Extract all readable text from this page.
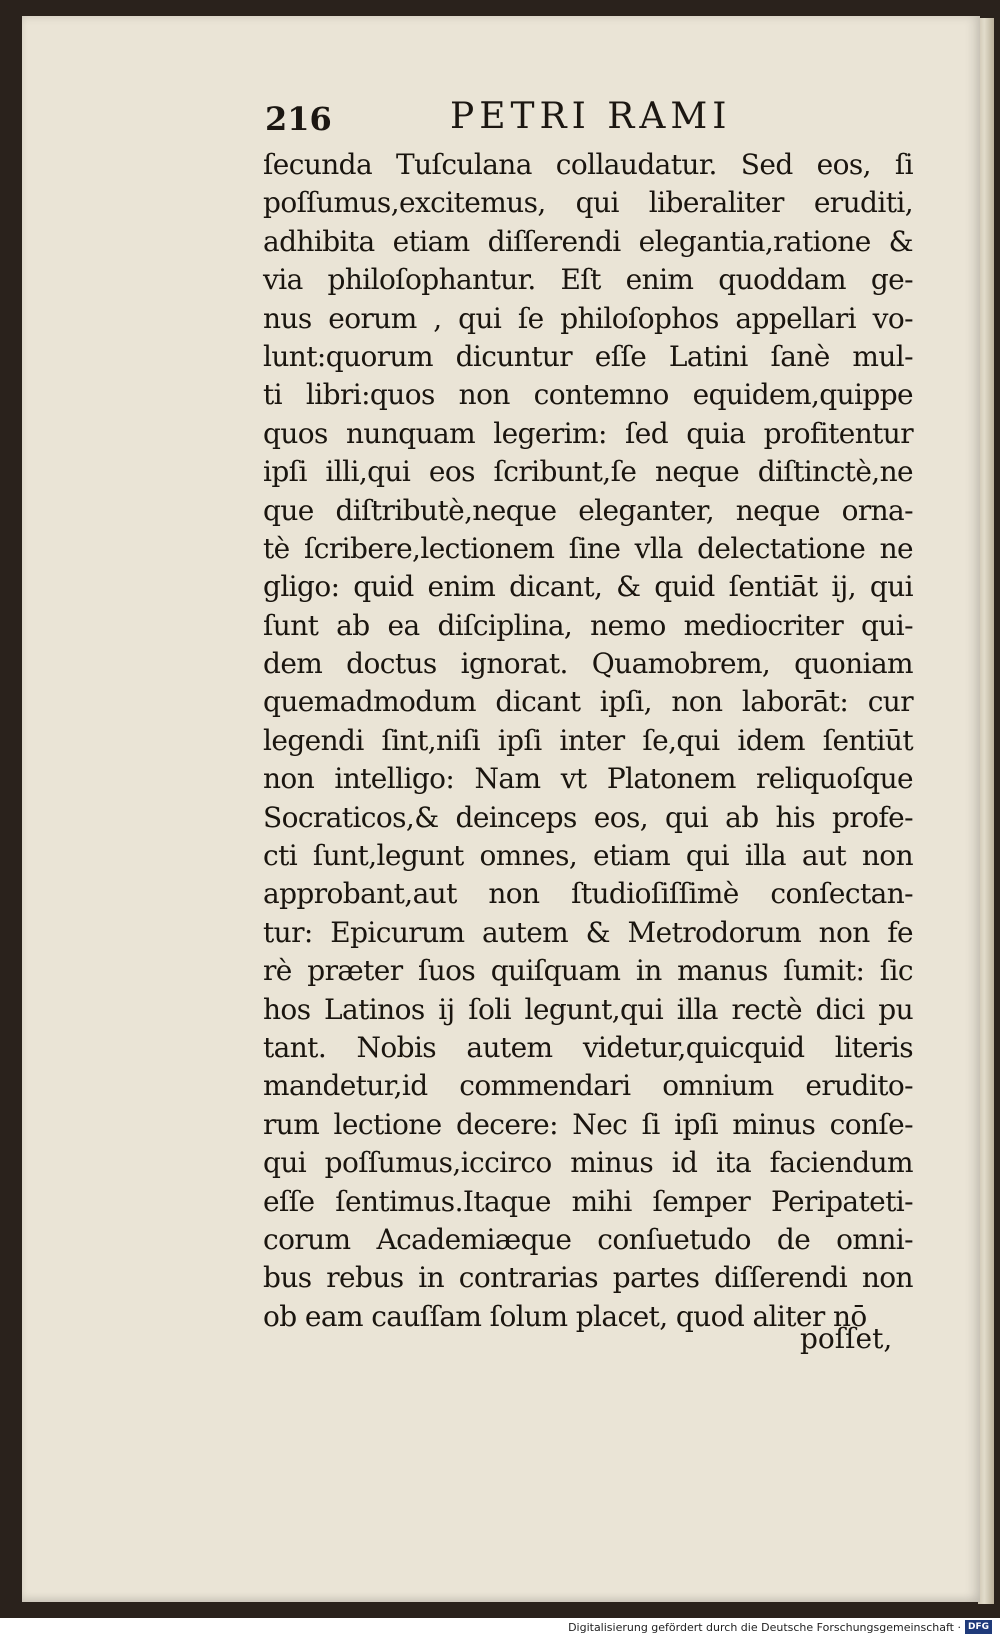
216	PETRI RAMI
ſecunda Tuſculana collaudatur. Sed eos, ſi
poſſumus,excitemus, qui liberaliter eruditi,
adhibita etiam diſſerendi elegantia,ratione &
via philoſophantur. Eſt enim quoddam ge-
nus eorum , qui ſe philoſophos appellari vo-
lunt:quorum dicuntur eſſe Latini ſanè mul-
ti libri:quos non contemno equidem,quippe
quos nunquam legerim: ſed quia profitentur
ipſi illi,qui eos ſcribunt,ſe neque diſtinctè,ne
que diſtributè,neque eleganter, neque orna-
tè ſcribere,lectionem ſine vlla delectatione ne
gligo: quid enim dicant, & quid ſentiāt ij, qui
ſunt ab ea diſciplina, nemo mediocriter qui-
dem doctus ignorat. Quamobrem, quoniam
quemadmodum dicant ipſi, non laborāt: cur
legendi ſint,niſi ipſi inter ſe,qui idem ſentiūt
non intelligo: Nam vt Platonem reliquoſque
Socraticos,& deinceps eos, qui ab his profe-
cti ſunt,legunt omnes, etiam qui illa aut non
approbant,aut non ſtudioſiſſimè conſectan-
tur: Epicurum autem & Metrodorum non fe
rè præter ſuos quiſquam in manus ſumit: ſic
hos Latinos ij ſoli legunt,qui illa rectè dici pu
tant. Nobis autem videtur,quicquid literis
mandetur,id commendari omnium erudito-
rum lectione decere: Nec ſi ipſi minus conſe-
qui poſſumus,iccirco minus id ita faciendum
eſſe ſentimus.Itaque mihi ſemper Peripateti-
corum Academiæque conſuetudo de omni-
bus rebus in contrarias partes diſſerendi non
ob eam cauſſam ſolum placet, quod aliter nō
poſſet,
Digitalisierung gefördert durch die Deutsche Forschungsgemeinschaft · DFG
